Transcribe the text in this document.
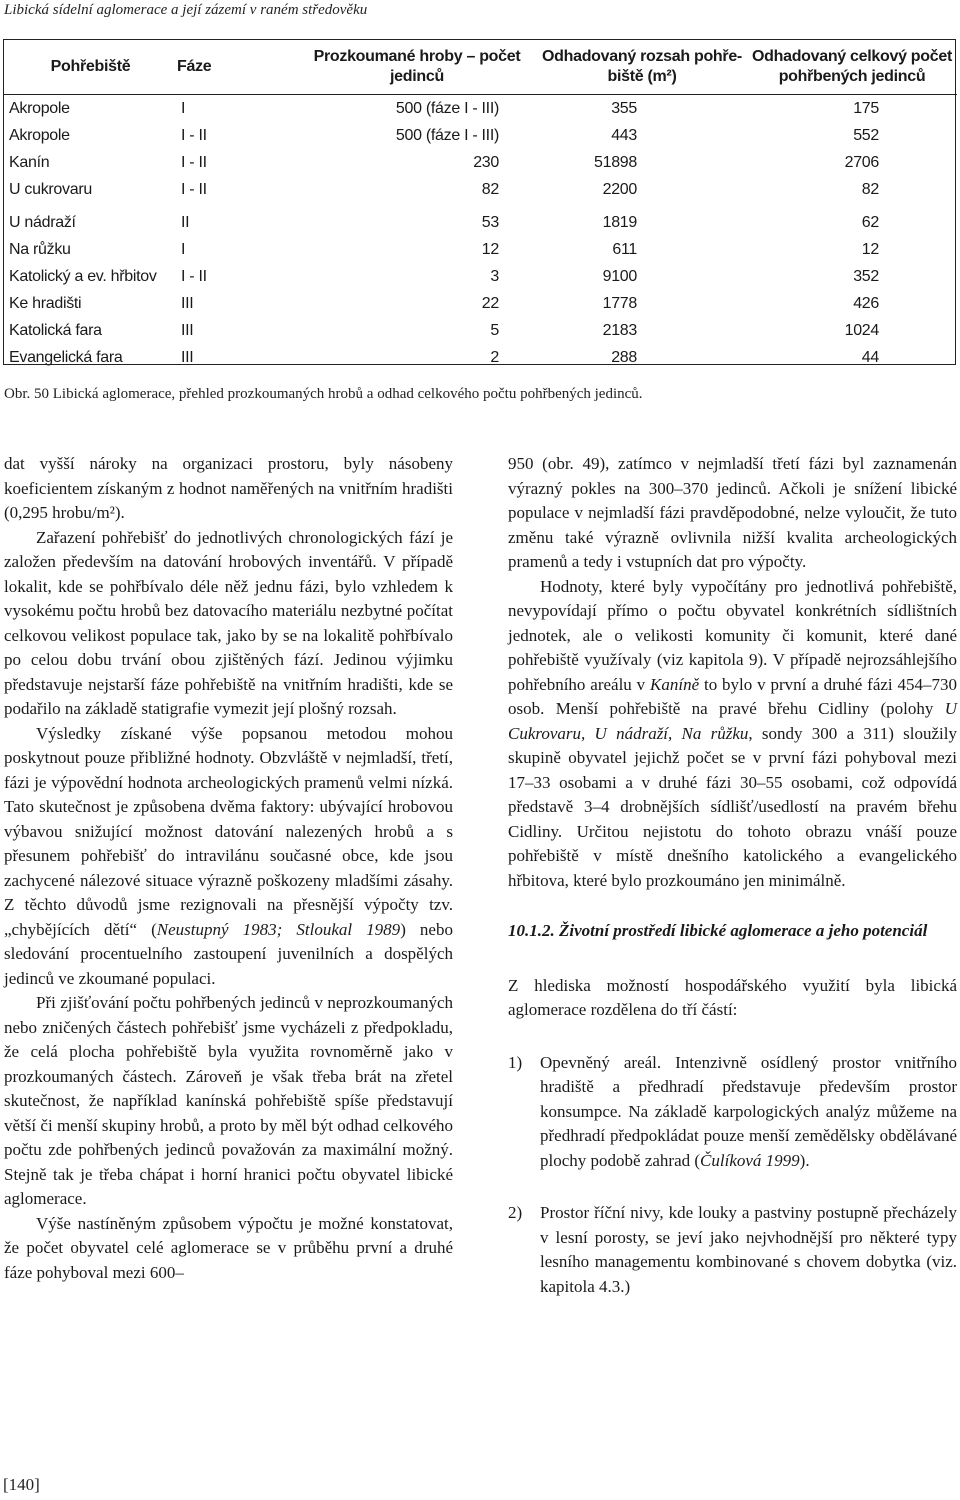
Libická sídelní aglomerace a její zázemí v raném středověku
Pohřebiště	Fáze	Prozkoumané hroby – počet jedinců	Odhadovaný rozsah pohře-biště (m²)	Odhadovaný celkový počet pohřbených jedinců
Akropole	I	500 (fáze I - III)	355	175
Akropole	I - II	500 (fáze I - III)	443	552
Kanín	I - II	230	51898	2706
U cukrovaru	I - II	82	2200	82
U nádraží	II	53	1819	62
Na růžku	I	12	611	12
Katolický a ev. hřbitov	I - II	3	9100	352
Ke hradišti	III	22	1778	426
Katolická fara	III	5	2183	1024
Evangelická fara	III	2	288	44
Obr. 50 Libická aglomerace, přehled prozkoumaných hrobů a odhad celkového počtu pohřbených jedinců.

dat vyšší nároky na organizaci prostoru, byly násobeny koeficientem získaným z hodnot naměřených na vnitřním hradišti (0,295 hrobu/m²).

Zařazení pohřebišť do jednotlivých chronologických fází je založen především na datování hrobových inventářů. V případě lokalit, kde se pohřbívalo déle něž jednu fázi, bylo vzhledem k vysokému počtu hrobů bez datovacího materiálu nezbytné počítat celkovou velikost populace tak, jako by se na lokalitě pohřbívalo po celou dobu trvání obou zjištěných fází. Jedinou výjimku představuje nejstarší fáze pohřebiště na vnitřním hradišti, kde se podařilo na základě statigrafie vymezit její plošný rozsah.

Výsledky získané výše popsanou metodou mohou poskytnout pouze přibližné hodnoty. Obzvláště v nejmladší, třetí, fázi je výpovědní hodnota archeologických pramenů velmi nízká. Tato skutečnost je způsobena dvěma faktory: ubývající hrobovou výbavou snižující možnost datování nalezených hrobů a s přesunem pohřebišť do intravilánu současné obce, kde jsou zachycené nálezové situace výrazně poškozeny mladšími zásahy. Z těchto důvodů jsme rezignovali na přesnější výpočty tzv. „chybějících dětí“ (Neustupný 1983; Stloukal 1989) nebo sledování procentuelního zastoupení juvenilních a dospělých jedinců ve zkoumané populaci.

Při zjišťování počtu pohřbených jedinců v neprozkoumaných nebo zničených částech pohřebišť jsme vycházeli z předpokladu, že celá plocha pohřebiště byla využita rovnoměrně jako v prozkoumaných částech. Zároveň je však třeba brát na zřetel skutečnost, že například kanínská pohřebiště spíše představují větší či menší skupiny hrobů, a proto by měl být odhad celkového počtu zde pohřbených jedinců považován za maximální možný. Stejně tak je třeba chápat i horní hranici počtu obyvatel libické aglomerace.

Výše nastíněným způsobem výpočtu je možné konstatovat, že počet obyvatel celé aglomerace se v průběhu první a druhé fáze pohyboval mezi 600–

950 (obr. 49), zatímco v nejmladší třetí fázi byl zaznamenán výrazný pokles na 300–370 jedinců. Ačkoli je snížení libické populace v nejmladší fázi pravděpodobné, nelze vyloučit, že tuto změnu také výrazně ovlivnila nižší kvalita archeologických pramenů a tedy i vstupních dat pro výpočty.

Hodnoty, které byly vypočítány pro jednotlivá pohřebiště, nevypovídají přímo o počtu obyvatel konkrétních sídlištních jednotek, ale o velikosti komunity či komunit, které dané pohřebiště využívaly (viz kapitola 9). V případě nejrozsáhlejšího pohřebního areálu v Kaníně to bylo v první a druhé fázi 454–730 osob. Menší pohřebiště na pravé břehu Cidliny (polohy U Cukrovaru, U nádraží, Na růžku, sondy 300 a 311) sloužily skupině obyvatel jejichž počet se v první fázi pohyboval mezi 17–33 osobami a v druhé fázi 30–55 osobami, což odpovídá představě 3–4 drobnějších sídlišť/usedlostí na pravém břehu Cidliny. Určitou nejistotu do tohoto obrazu vnáší pouze pohřebiště v místě dnešního katolického a evangelického hřbitova, které bylo prozkoumáno jen minimálně.

10.1.2. Životní prostředí libické aglomerace a jeho potenciál

Z hlediska možností hospodářského využití byla libická aglomerace rozdělena do tří částí:

1) Opevněný areál. Intenzivně osídlený prostor vnitřního hradiště a předhradí představuje především prostor konsumpce. Na základě karpologických analýz můžeme na předhradí předpokládat pouze menší zemědělsky obdělávané plochy podobě zahrad (Čulíková 1999).
2) Prostor říční nivy, kde louky a pastviny postupně přecházely v lesní porosty, se jeví jako nejvhodnější pro některé typy lesního managementu kombinované s chovem dobytka (viz. kapitola 4.3.)
[140]
